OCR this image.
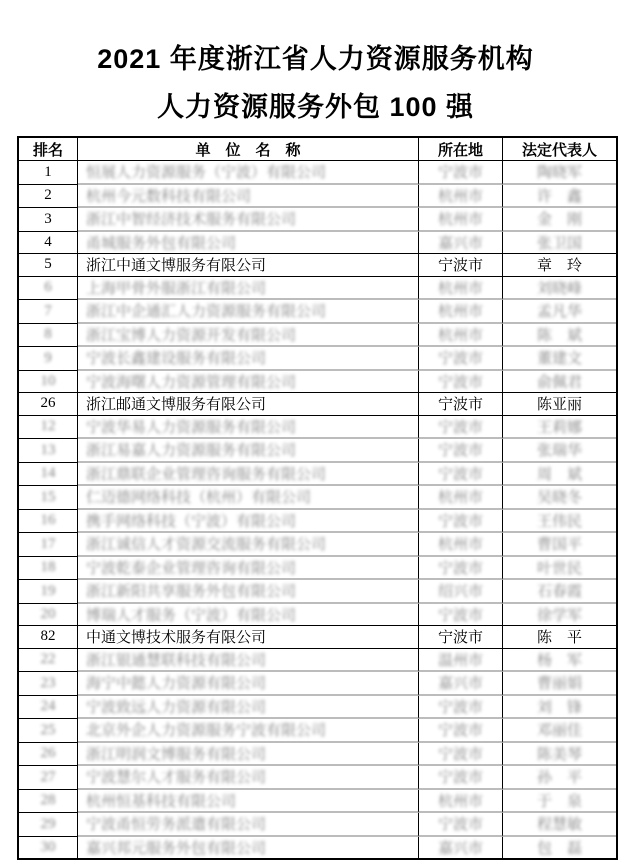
2021 年度浙江省人力资源服务机构
人力资源服务外包 100 强
排名	单　位　名　称	所在地	法定代表人
1	恒展人力资源服务（宁波）有限公司	宁波市	陶晓军
2	杭州今元数科技有限公司	杭州市	许　鑫
3	浙江中智经济技术服务有限公司	杭州市	金　刚
4	甬城服务外包有限公司	嘉兴市	张卫国
5	浙江中通文博服务有限公司	宁波市	章　玲
6	上海甲骨外服浙江有限公司	杭州市	刘晓峰
7	浙江中企通汇人力资源服务有限公司	杭州市	孟凡华
8	浙江宝博人力资源开发有限公司	杭州市	陈　斌
9	宁波长鑫建设服务有限公司	宁波市	董建文
10	宁波海曙人力资源管理有限公司	宁波市	俞佩君
26	浙江邮通文博服务有限公司	宁波市	陈亚丽
12	宁波华易人力资源服务有限公司	宁波市	王莉娜
13	浙江易嘉人力资源服务有限公司	宁波市	张瑞华
14	浙江鼎联企业管理咨询服务有限公司	宁波市	周　斌
15	仁迈德网络科技（杭州）有限公司	杭州市	吴晓冬
16	携手网络科技（宁波）有限公司	宁波市	王伟民
17	浙江诚信人才资源交流服务有限公司	杭州市	曹国平
18	宁波乾泰企业管理咨询有限公司	宁波市	叶世民
19	浙江新阳共享服务外包有限公司	绍兴市	石春霞
20	博瑞人才服务（宁波）有限公司	宁波市	徐学军
82	中通文博技术服务有限公司	宁波市	陈　平
22	浙江银通慧联科技有限公司	温州市	杨　军
23	海宁中懿人力资源有限公司	嘉兴市	曹丽娟
24	宁波致远人力资源有限公司	宁波市	刘　锋
25	北京外企人力资源服务宁波有限公司	宁波市	邓丽佳
26	浙江明润文博服务有限公司	宁波市	陈美琴
27	宁波慧尔人才服务有限公司	宁波市	孙　平
28	杭州恒基科技有限公司	杭州市	于　泉
29	宁波甬恒劳务派遣有限公司	宁波市	程慧敏
30	嘉兴邦元服务外包有限公司	嘉兴市	包　磊
